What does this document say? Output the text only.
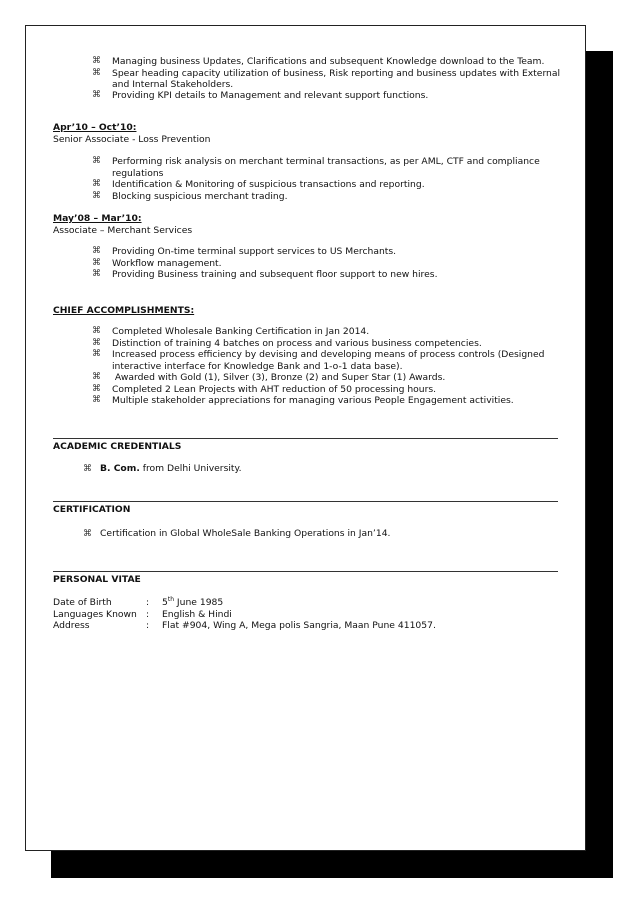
⌘ Managing business Updates, Clarifications and subsequent Knowledge download to the Team.
⌘ Spear heading capacity utilization of business, Risk reporting and business updates with External and Internal Stakeholders.
⌘ Providing KPI details to Management and relevant support functions.
Apr’10 – Oct’10:
Senior Associate - Loss Prevention
⌘ Performing risk analysis on merchant terminal transactions, as per AML, CTF and compliance regulations
⌘ Identification & Monitoring of suspicious transactions and reporting.
⌘ Blocking suspicious merchant trading.
May’08 – Mar’10:
Associate – Merchant Services
⌘ Providing On-time terminal support services to US Merchants.
⌘ Workflow management.
⌘ Providing Business training and subsequent floor support to new hires.
CHIEF ACCOMPLISHMENTS:
⌘ Completed Wholesale Banking Certification in Jan 2014.
⌘ Distinction of training 4 batches on process and various business competencies.
⌘ Increased process efficiency by devising and developing means of process controls (Designed interactive interface for Knowledge Bank and 1-o-1 data base).
⌘ Awarded with Gold (1), Silver (3), Bronze (2) and Super Star (1) Awards.
⌘ Completed 2 Lean Projects with AHT reduction of 50 processing hours.
⌘ Multiple stakeholder appreciations for managing various People Engagement activities.
ACADEMIC CREDENTIALS
⌘ B. Com. from Delhi University.
CERTIFICATION
⌘ Certification in Global WholeSale Banking Operations in Jan’14.
PERSONAL VITAE
Date of Birth	: 5th June 1985
Languages Known : English & Hindi
Address	: Flat #904, Wing A, Mega polis Sangria, Maan Pune 411057.
